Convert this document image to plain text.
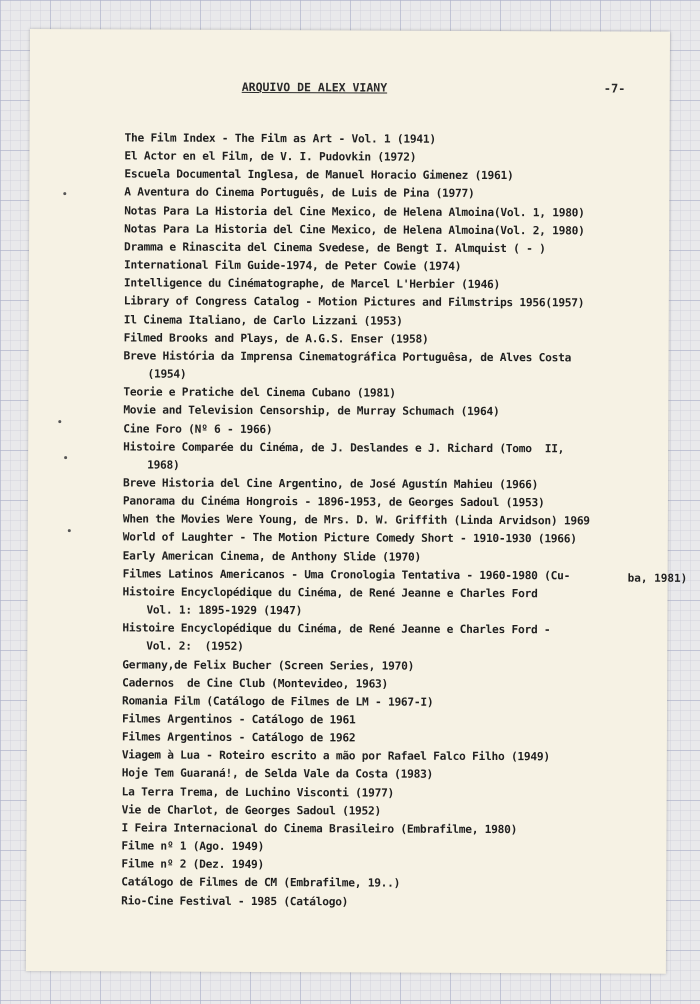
ARQUIVO DE ALEX VIANY	-7-
The Film Index - The Film as Art - Vol. 1 (1941)
El Actor en el Film, de V. I. Pudovkin (1972)
Escuela Documental Inglesa, de Manuel Horacio Gimenez (1961)
A Aventura do Cinema Português, de Luis de Pina (1977)
Notas Para La Historia del Cine Mexico, de Helena Almoina(Vol. 1, 1980)
Notas Para La Historia del Cine Mexico, de Helena Almoina(Vol. 2, 1980)
Dramma e Rinascita del Cinema Svedese, de Bengt I. Almquist ( - )
International Film Guide-1974, de Peter Cowie (1974)
Intelligence du Cinématographe, de Marcel L'Herbier (1946)
Library of Congress Catalog - Motion Pictures and Filmstrips 1956(1957)
Il Cinema Italiano, de Carlo Lizzani (1953)
Filmed Brooks and Plays, de A.G.S. Enser (1958)
Breve História da Imprensa Cinematográfica Portuguêsa, de Alves Costa
(1954)
Teorie e Pratiche del Cinema Cubano (1981)
Movie and Television Censorship, de Murray Schumach (1964)
Cine Foro (Nº 6 - 1966)
Histoire Comparée du Cinéma, de J. Deslandes e J. Richard (Tomo  II,
1968)
Breve Historia del Cine Argentino, de José Agustín Mahieu (1966)
Panorama du Cinéma Hongrois - 1896-1953, de Georges Sadoul (1953)
When the Movies Were Young, de Mrs. D. W. Griffith (Linda Arvidson) 1969
World of Laughter - The Motion Picture Comedy Short - 1910-1930 (1966)
Early American Cinema, de Anthony Slide (1970)
Filmes Latinos Americanos - Uma Cronologia Tentativa - 1960-1980 (Cu-
Histoire Encyclopédique du Cinéma, de René Jeanne e Charles Ford
Vol. 1: 1895-1929 (1947)
Histoire Encyclopédique du Cinéma, de René Jeanne e Charles Ford -
Vol. 2:  (1952)
Germany,de Felix Bucher (Screen Series, 1970)
Cadernos  de Cine Club (Montevideo, 1963)
Romania Film (Catálogo de Filmes de LM - 1967-I)
Filmes Argentinos - Catálogo de 1961
Filmes Argentinos - Catálogo de 1962
Viagem à Lua - Roteiro escrito a mão por Rafael Falco Filho (1949)
Hoje Tem Guaraná!, de Selda Vale da Costa (1983)
La Terra Trema, de Luchino Visconti (1977)
Vie de Charlot, de Georges Sadoul (1952)
I Feira Internacional do Cinema Brasileiro (Embrafilme, 1980)
Filme nº 1 (Ago. 1949)
Filme nº 2 (Dez. 1949)
Catálogo de Filmes de CM (Embrafilme, 19..)
Rio-Cine Festival - 1985 (Catálogo)
ba, 1981)
